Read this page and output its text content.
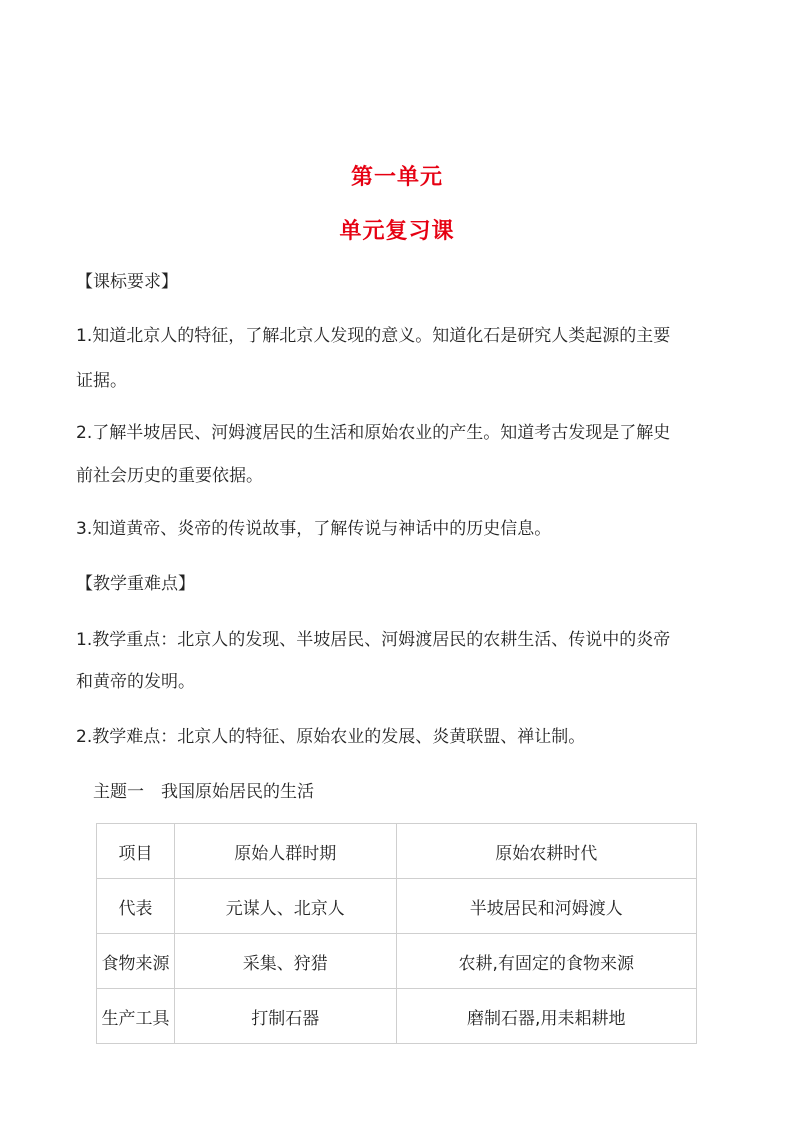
第一单元
单元复习课
【课标要求】
1.知道北京人的特征，了解北京人发现的意义。知道化石是研究人类起源的主要
证据。
2.了解半坡居民、河姆渡居民的生活和原始农业的产生。知道考古发现是了解史
前社会历史的重要依据。
3.知道黄帝、炎帝的传说故事，了解传说与神话中的历史信息。
【教学重难点】
1.教学重点：北京人的发现、半坡居民、河姆渡居民的农耕生活、传说中的炎帝
和黄帝的发明。
2.教学难点：北京人的特征、原始农业的发展、炎黄联盟、禅让制。
主题一　 我国原始居民的生活
项目	原始人群时期	原始农耕时代
代表	元谋人、北京人	半坡居民和河姆渡人
食物来源	采集、狩猎	农耕,有固定的食物来源
生产工具	打制石器	磨制石器,用耒耜耕地
